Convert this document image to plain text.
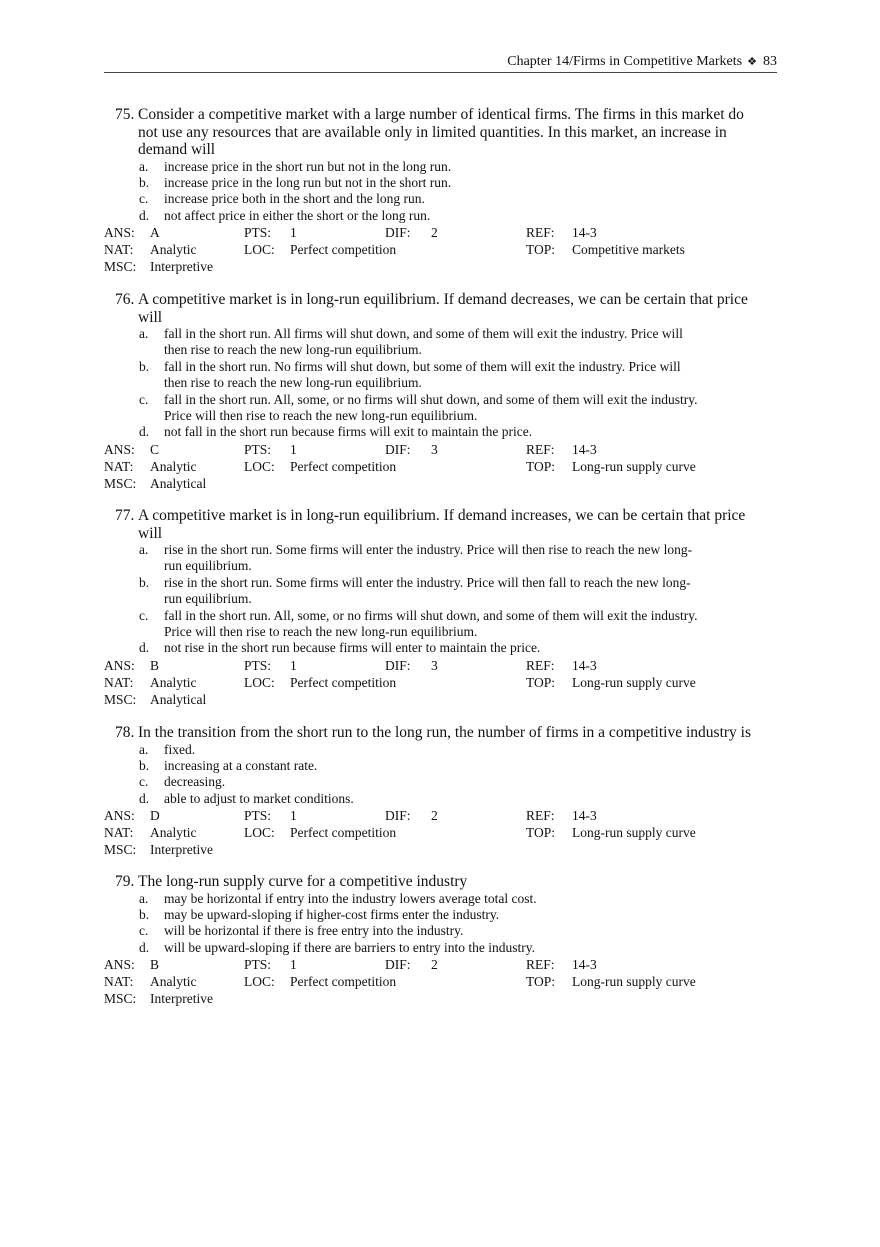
Chapter 14/Firms in Competitive Markets ❖ 83
75. Consider a competitive market with a large number of identical firms. The firms in this market do
not use any resources that are available only in limited quantities. In this market, an increase in
demand will
a. increase price in the short run but not in the long run.
b. increase price in the long run but not in the short run.
c. increase price both in the short and the long run.
d. not affect price in either the short or the long run.
ANS: A	PTS: 1	DIF: 2	REF: 14-3
NAT: Analytic	LOC: Perfect competition	TOP: Competitive markets
MSC: Interpretive
76. A competitive market is in long-run equilibrium. If demand decreases, we can be certain that price
will
a. fall in the short run. All firms will shut down, and some of them will exit the industry. Price will
then rise to reach the new long-run equilibrium.
b. fall in the short run. No firms will shut down, but some of them will exit the industry. Price will
then rise to reach the new long-run equilibrium.
c. fall in the short run. All, some, or no firms will shut down, and some of them will exit the industry.
Price will then rise to reach the new long-run equilibrium.
d. not fall in the short run because firms will exit to maintain the price.
ANS: C	PTS: 1	DIF: 3	REF: 14-3
NAT: Analytic	LOC: Perfect competition	TOP: Long-run supply curve
MSC: Analytical
77. A competitive market is in long-run equilibrium. If demand increases, we can be certain that price
will
a. rise in the short run. Some firms will enter the industry. Price will then rise to reach the new long-
run equilibrium.
b. rise in the short run. Some firms will enter the industry. Price will then fall to reach the new long-
run equilibrium.
c. fall in the short run. All, some, or no firms will shut down, and some of them will exit the industry.
Price will then rise to reach the new long-run equilibrium.
d. not rise in the short run because firms will enter to maintain the price.
ANS: B	PTS: 1	DIF: 3	REF: 14-3
NAT: Analytic	LOC: Perfect competition	TOP: Long-run supply curve
MSC: Analytical
78. In the transition from the short run to the long run, the number of firms in a competitive industry is
a. fixed.
b. increasing at a constant rate.
c. decreasing.
d. able to adjust to market conditions.
ANS: D	PTS: 1	DIF: 2	REF: 14-3
NAT: Analytic	LOC: Perfect competition	TOP: Long-run supply curve
MSC: Interpretive
79. The long-run supply curve for a competitive industry
a. may be horizontal if entry into the industry lowers average total cost.
b. may be upward-sloping if higher-cost firms enter the industry.
c. will be horizontal if there is free entry into the industry.
d. will be upward-sloping if there are barriers to entry into the industry.
ANS: B	PTS: 1	DIF: 2	REF: 14-3
NAT: Analytic	LOC: Perfect competition	TOP: Long-run supply curve
MSC: Interpretive
